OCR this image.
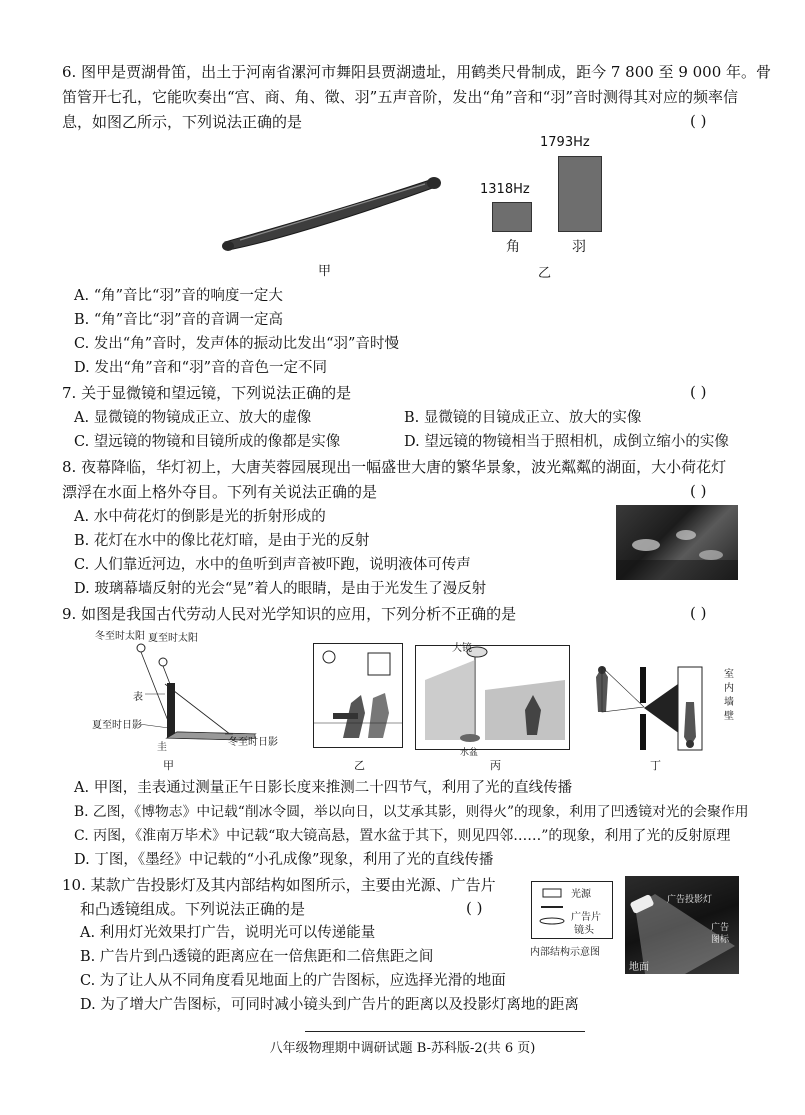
6. 图甲是贾湖骨笛，出土于河南省漯河市舞阳县贾湖遗址，用鹤类尺骨制成，距今 7 800 至 9 000 年。骨
笛管开七孔，它能吹奏出“宫、商、角、徵、羽”五声音阶，发出“角”音和“羽”音时测得其对应的频率信
息，如图乙所示，下列说法正确的是	( )
甲
1793Hz
1318Hz
角	羽
乙
A. “角”音比“羽”音的响度一定大
B. “角”音比“羽”音的音调一定高
C. 发出“角”音时，发声体的振动比发出“羽”音时慢
D. 发出“角”音和“羽”音的音色一定不同
7. 关于显微镜和望远镜，下列说法正确的是	( )
A. 显微镜的物镜成正立、放大的虚像	B. 显微镜的目镜成正立、放大的实像
C. 望远镜的物镜和目镜所成的像都是实像	D. 望远镜的物镜相当于照相机，成倒立缩小的实像
8. 夜幕降临，华灯初上，大唐芙蓉园展现出一幅盛世大唐的繁华景象，波光粼粼的湖面，大小荷花灯
漂浮在水面上格外夺目。下列有关说法正确的是	( )
A. 水中荷花灯的倒影是光的折射形成的
B. 花灯在水中的像比花灯暗，是由于光的反射
C. 人们靠近河边，水中的鱼听到声音被吓跑，说明液体可传声
D. 玻璃幕墙反射的光会“晃”着人的眼睛，是由于光发生了漫反射
9. 如图是我国古代劳动人民对光学知识的应用，下列分析不正确的是	( )
冬至时太阳 夏至时太阳
表
夏至时日影
冬至时日影
圭
甲	乙
大镜
水盆
丙
室内墙壁
丁
A. 甲图，圭表通过测量正午日影长度来推测二十四节气，利用了光的直线传播
B. 乙图，《博物志》中记载“削冰令圆，举以向日，以艾承其影，则得火”的现象，利用了凹透镜对光的会聚作用
C. 丙图，《淮南万毕术》中记载“取大镜高悬，置水盆于其下，则见四邻……”的现象，利用了光的反射原理
D. 丁图，《墨经》中记载的“小孔成像”现象，利用了光的直线传播
10. 某款广告投影灯及其内部结构如图所示，主要由光源、广告片
和凸透镜组成。下列说法正确的是	( )
光源
广告片
镜头
内部结构示意图
广告投影灯
广告
图标
地面
A. 利用灯光效果打广告，说明光可以传递能量
B. 广告片到凸透镜的距离应在一倍焦距和二倍焦距之间
C. 为了让人从不同角度看见地面上的广告图标，应选择光滑的地面
D. 为了增大广告图标，可同时减小镜头到广告片的距离以及投影灯离地的距离
八年级物理期中调研试题 B-苏科版-2(共 6 页)
